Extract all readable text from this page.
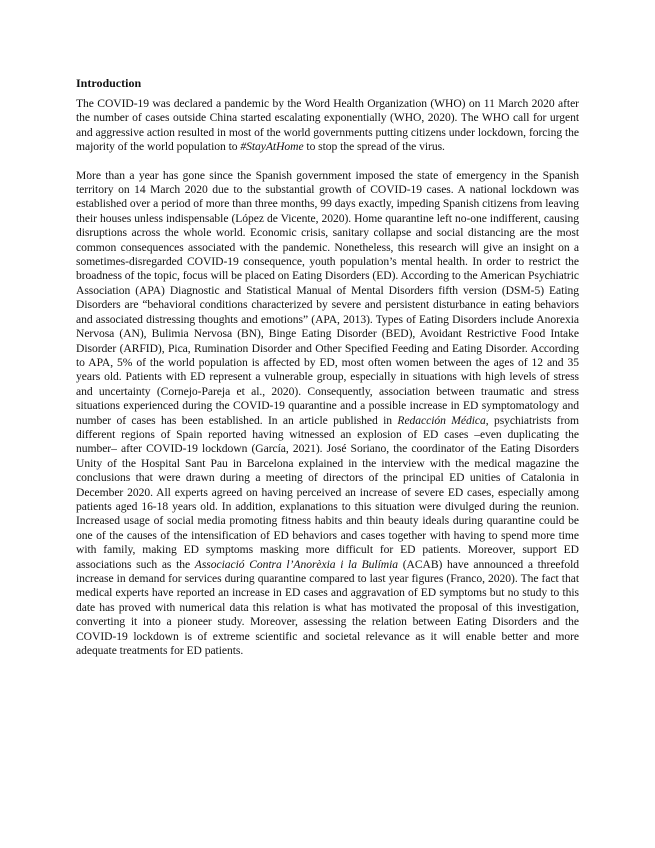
Introduction

The COVID-19 was declared a pandemic by the Word Health Organization (WHO) on 11 March 2020 after the number of cases outside China started escalating exponentially (WHO, 2020). The WHO call for urgent and aggressive action resulted in most of the world governments putting citizens under lockdown, forcing the majority of the world population to #StayAtHome to stop the spread of the virus.

More than a year has gone since the Spanish government imposed the state of emergency in the Spanish territory on 14 March 2020 due to the substantial growth of COVID-19 cases. A national lockdown was established over a period of more than three months, 99 days exactly, impeding Spanish citizens from leaving their houses unless indispensable (López de Vicente, 2020). Home quarantine left no-one indifferent, causing disruptions across the whole world. Economic crisis, sanitary collapse and social distancing are the most common consequences associated with the pandemic. Nonetheless, this research will give an insight on a sometimes-disregarded COVID-19 consequence, youth population’s mental health. In order to restrict the broadness of the topic, focus will be placed on Eating Disorders (ED). According to the American Psychiatric Association (APA) Diagnostic and Statistical Manual of Mental Disorders fifth version (DSM-5) Eating Disorders are “behavioral conditions characterized by severe and persistent disturbance in eating behaviors and associated distressing thoughts and emotions” (APA, 2013). Types of Eating Disorders include Anorexia Nervosa (AN), Bulimia Nervosa (BN), Binge Eating Disorder (BED), Avoidant Restrictive Food Intake Disorder (ARFID), Pica, Rumination Disorder and Other Specified Feeding and Eating Disorder. According to APA, 5% of the world population is affected by ED, most often women between the ages of 12 and 35 years old. Patients with ED represent a vulnerable group, especially in situations with high levels of stress and uncertainty (Cornejo-Pareja et al., 2020). Consequently, association between traumatic and stress situations experienced during the COVID-19 quarantine and a possible increase in ED symptomatology and number of cases has been established. In an article published in Redacción Médica, psychiatrists from different regions of Spain reported having witnessed an explosion of ED cases –even duplicating the number– after COVID-19 lockdown (García, 2021). José Soriano, the coordinator of the Eating Disorders Unity of the Hospital Sant Pau in Barcelona explained in the interview with the medical magazine the conclusions that were drawn during a meeting of directors of the principal ED unities of Catalonia in December 2020. All experts agreed on having perceived an increase of severe ED cases, especially among patients aged 16-18 years old. In addition, explanations to this situation were divulged during the reunion. Increased usage of social media promoting fitness habits and thin beauty ideals during quarantine could be one of the causes of the intensification of ED behaviors and cases together with having to spend more time with family, making ED symptoms masking more difficult for ED patients. Moreover, support ED associations such as the Associació Contra l’Anorèxia i la Bulímia (ACAB) have announced a threefold increase in demand for services during quarantine compared to last year figures (Franco, 2020). The fact that medical experts have reported an increase in ED cases and aggravation of ED symptoms but no study to this date has proved with numerical data this relation is what has motivated the proposal of this investigation, converting it into a pioneer study. Moreover, assessing the relation between Eating Disorders and the COVID-19 lockdown is of extreme scientific and societal relevance as it will enable better and more adequate treatments for ED patients.
